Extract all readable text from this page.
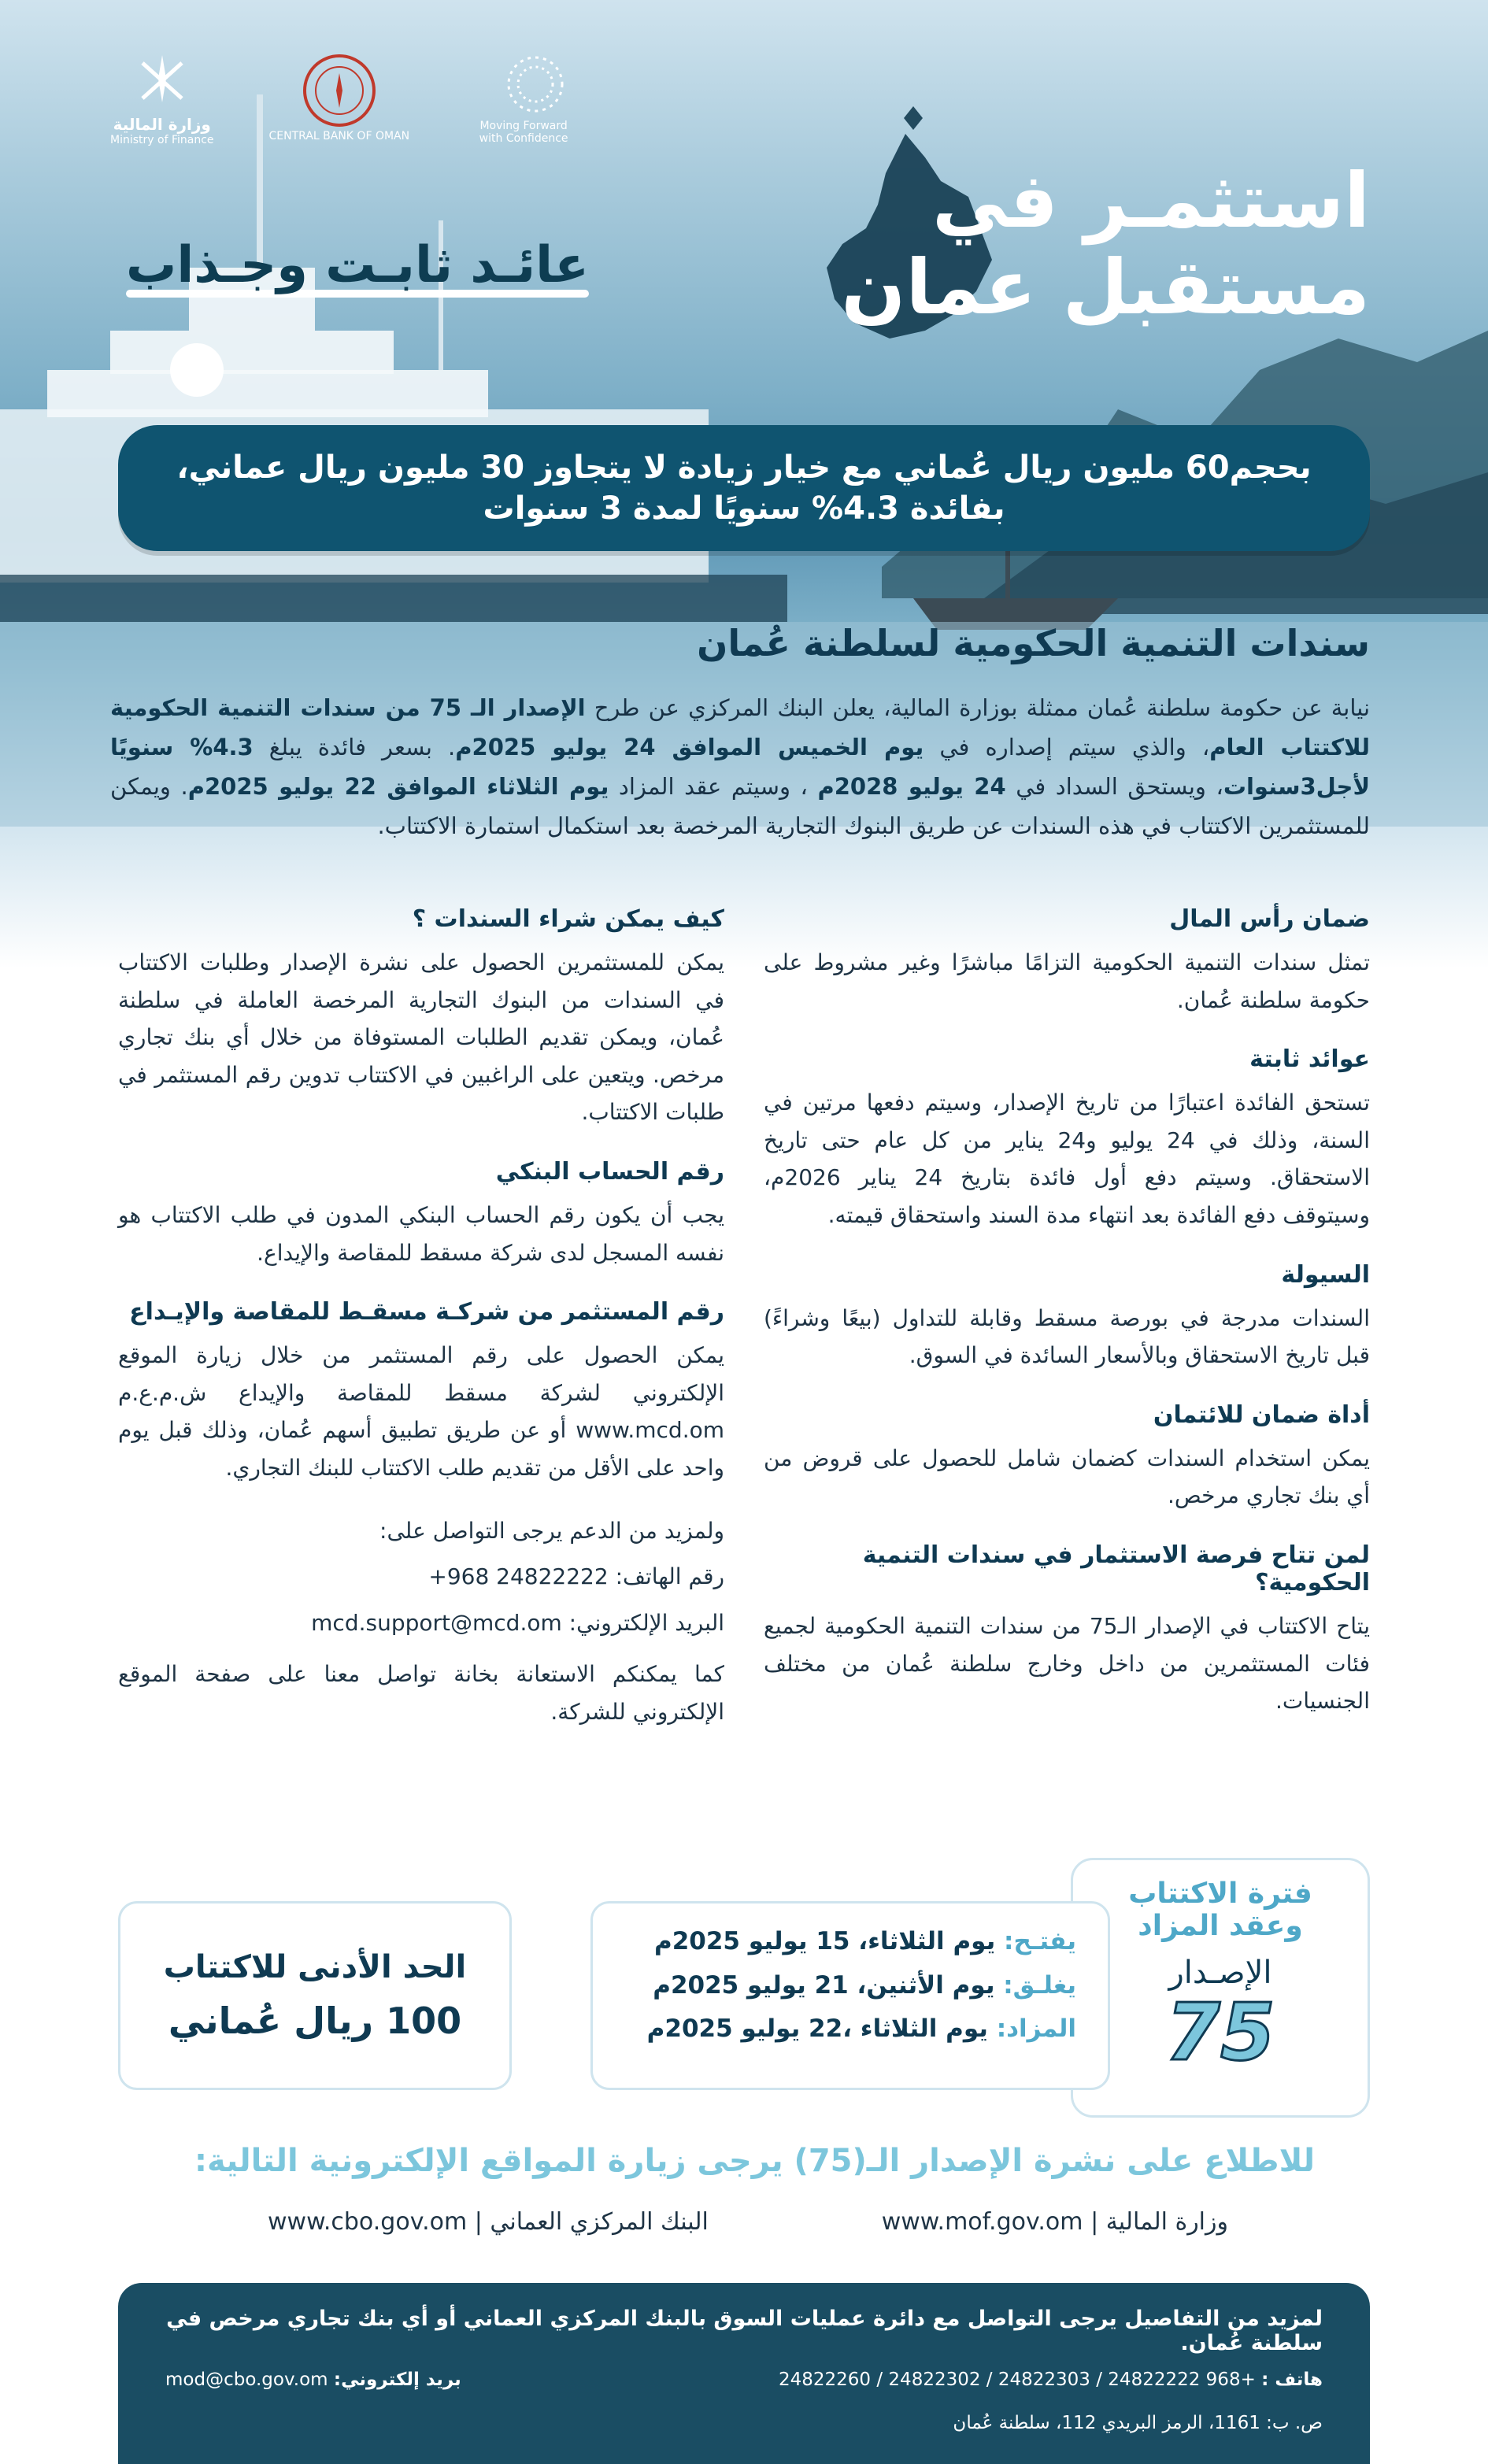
وزارة المالية
Ministry of Finance	CENTRAL BANK OF OMAN
Moving Forward
with Confidence
استثمـر في
مستقبل عمان
عائـد ثابـت وجـذاب
بحجم60 مليون ريال عُماني مع خيار زيادة لا يتجاوز 30 مليون ريال عماني،
بفائدة 4.3% سنويًا لمدة 3 سنوات
سندات التنمية الحكومية لسلطنة عُمان

نيابة عن حكومة سلطنة عُمان ممثلة بوزارة المالية، يعلن البنك المركزي عن طرح الإصدار الـ 75 من سندات التنمية الحكومية للاكتتاب العام، والذي سيتم إصداره في يوم الخميس الموافق 24 يوليو 2025م. بسعر فائدة يبلغ 4.3% سنويًا لأجل3سنوات، ويستحق السداد في 24 يوليو 2028م ، وسيتم عقد المزاد يوم الثلاثاء الموافق 22 يوليو 2025م. ويمكن للمستثمرين الاكتتاب في هذه السندات عن طريق البنوك التجارية المرخصة بعد استكمال استمارة الاكتتاب.

ضمان رأس المال

تمثل سندات التنمية الحكومية التزامًا مباشرًا وغير مشروط على حكومة سلطنة عُمان.

عوائد ثابتة

تستحق الفائدة اعتبارًا من تاريخ الإصدار، وسيتم دفعها مرتين في السنة، وذلك في 24 يوليو و24 يناير من كل عام حتى تاريخ الاستحقاق. وسيتم دفع أول فائدة بتاريخ 24 يناير 2026م، وسيتوقف دفع الفائدة بعد انتهاء مدة السند واستحقاق قيمته.

السيولة

السندات مدرجة في بورصة مسقط وقابلة للتداول (بيعًا وشراءً) قبل تاريخ الاستحقاق وبالأسعار السائدة في السوق.

أداة ضمان للائتمان

يمكن استخدام السندات كضمان شامل للحصول على قروض من أي بنك تجاري مرخص.

لمن تتاح فرصة الاستثمار في سندات التنمية الحكومية؟

يتاح الاكتتاب في الإصدار الـ75 من سندات التنمية الحكومية لجميع فئات المستثمرين من داخل وخارج سلطنة عُمان من مختلف الجنسيات.

كيف يمكن شراء السندات ؟

يمكن للمستثمرين الحصول على نشرة الإصدار وطلبات الاكتتاب في السندات من البنوك التجارية المرخصة العاملة في سلطنة عُمان، ويمكن تقديم الطلبات المستوفاة من خلال أي بنك تجاري مرخص. ويتعين على الراغبين في الاكتتاب تدوين رقم المستثمر في طلبات الاكتتاب.

رقم الحساب البنكي

يجب أن يكون رقم الحساب البنكي المدون في طلب الاكتتاب هو نفسه المسجل لدى شركة مسقط للمقاصة والإيداع.

رقم المستثمر من شركـة مسقـط للمقاصة والإيـداع

يمكن الحصول على رقم المستثمر من خلال زيارة الموقع الإلكتروني لشركة مسقط للمقاصة والإيداع ش.م.ع.م www.mcd.om أو عن طريق تطبيق أسهم عُمان، وذلك قبل يوم واحد على الأقل من تقديم طلب الاكتتاب للبنك التجاري.

ولمزيد من الدعم يرجى التواصل على:
رقم الهاتف: +968 24822222
البريد الإلكتروني: mcd.support@mcd.om

كما يمكنكم الاستعانة بخانة تواصل معنا على صفحة الموقع الإلكتروني للشركة.

فترة الاكتتاب
وعقد المزاد
الإصـدار
75
يفتـح: يوم الثلاثاء، 15 يوليو 2025م
يغلـق: يوم الأثنين، 21 يوليو 2025م
المزاد: يوم الثلاثاء ،22 يوليو 2025م
الحد الأدنى للاكتتاب
100 ريال عُماني
للاطلاع على نشرة الإصدار الـ(75) يرجى زيارة المواقع الإلكترونية التالية:
وزارة المالية | www.mof.gov.om
البنك المركزي العماني | www.cbo.gov.om
لمزيد من التفاصيل يرجى التواصل مع دائرة عمليات السوق بالبنك المركزي العماني أو أي بنك تجاري مرخص في سلطنة عُمان.
هاتف : 24822260 / 24822302 / 24822303 / 24822222 968+
بريد إلكتروني: mod@cbo.gov.om
ص. ب: 1161، الرمز البريدي 112، سلطنة عُمان
